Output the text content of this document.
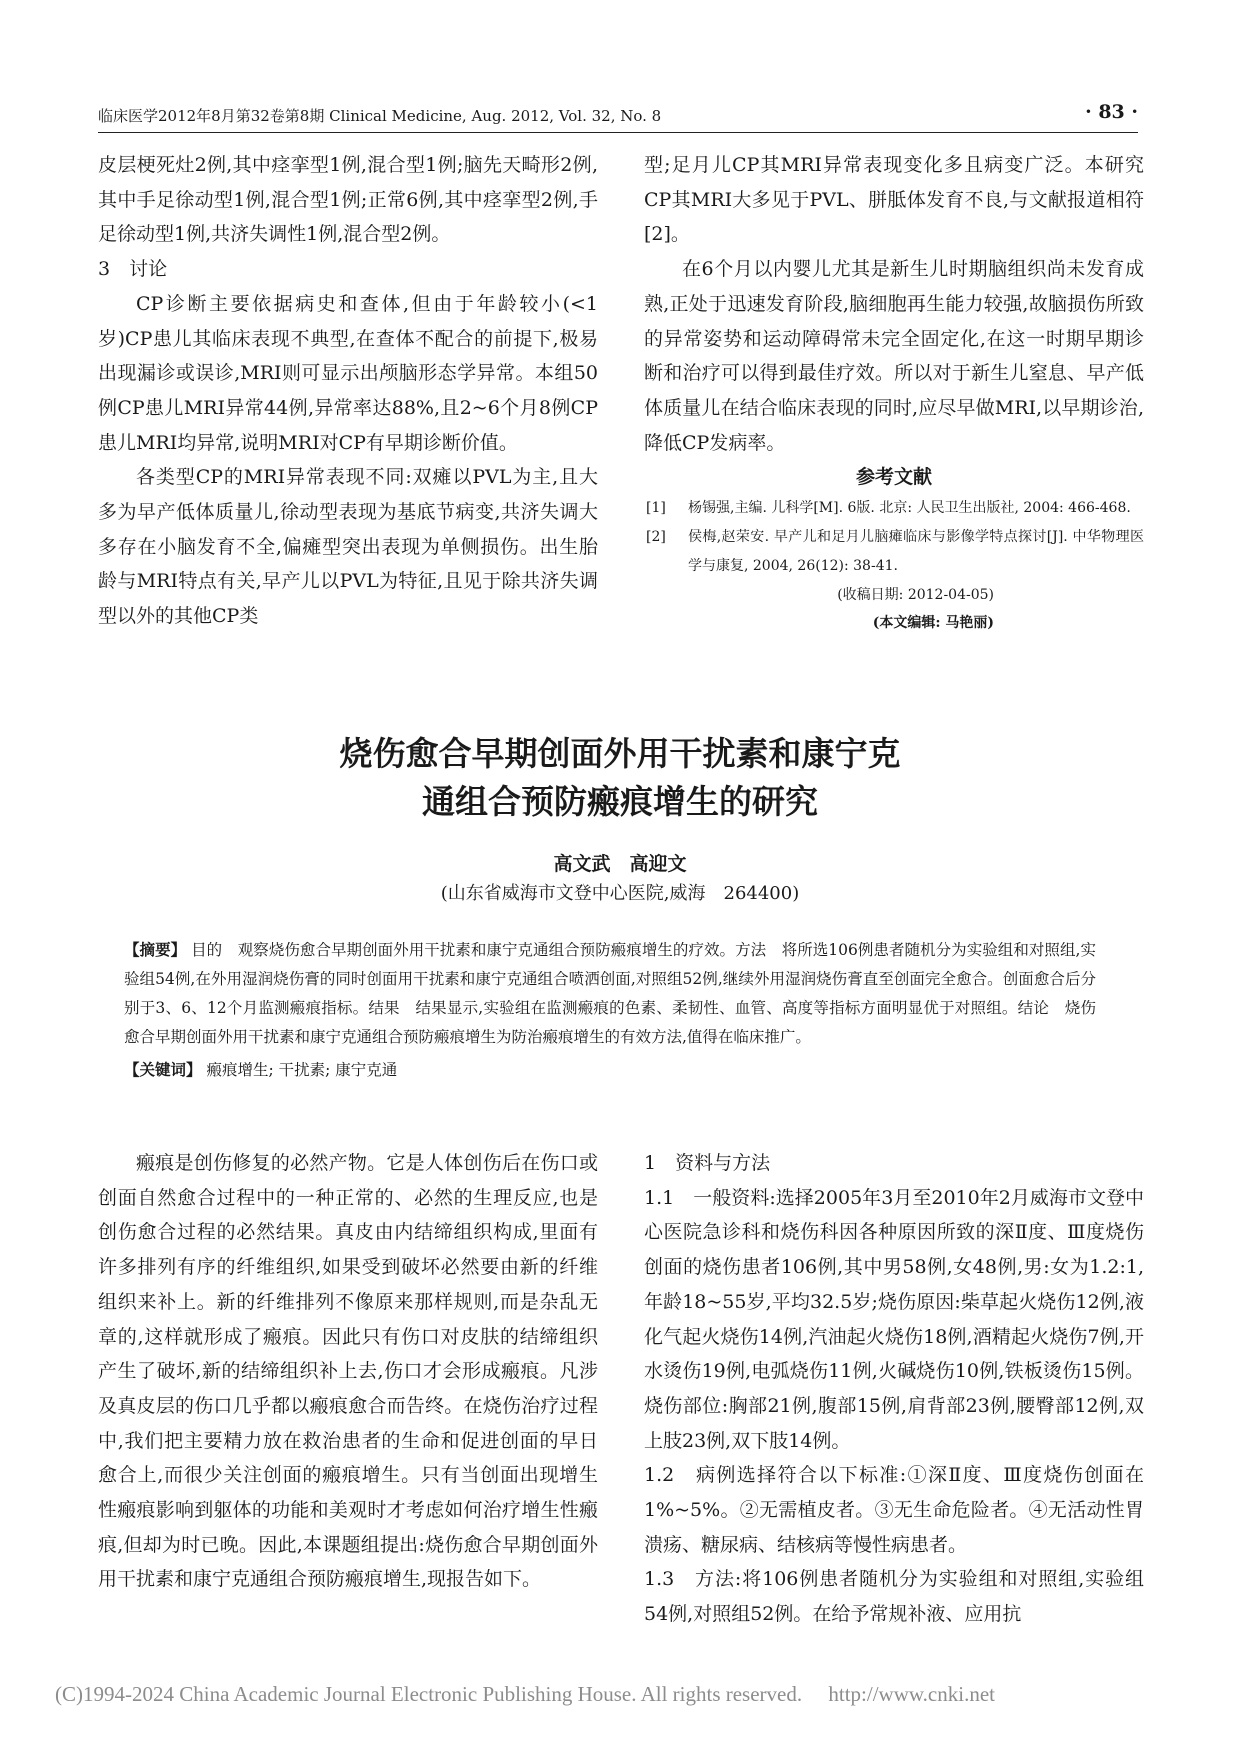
临床医学2012年8月第32卷第8期 Clinical Medicine, Aug. 2012, Vol. 32, No. 8	· 83 ·

皮层梗死灶2例,其中痉挛型1例,混合型1例;脑先天畸形2例,其中手足徐动型1例,混合型1例;正常6例,其中痉挛型2例,手足徐动型1例,共济失调性1例,混合型2例。

3　讨论

CP诊断主要依据病史和查体,但由于年龄较小(<1岁)CP患儿其临床表现不典型,在查体不配合的前提下,极易出现漏诊或误诊,MRI则可显示出颅脑形态学异常。本组50例CP患儿MRI异常44例,异常率达88%,且2~6个月8例CP患儿MRI均异常,说明MRI对CP有早期诊断价值。

各类型CP的MRI异常表现不同:双瘫以PVL为主,且大多为早产低体质量儿,徐动型表现为基底节病变,共济失调大多存在小脑发育不全,偏瘫型突出表现为单侧损伤。出生胎龄与MRI特点有关,早产儿以PVL为特征,且见于除共济失调型以外的其他CP类

型;足月儿CP其MRI异常表现变化多且病变广泛。本研究CP其MRI大多见于PVL、胼胝体发育不良,与文献报道相符[2]。

在6个月以内婴儿尤其是新生儿时期脑组织尚未发育成熟,正处于迅速发育阶段,脑细胞再生能力较强,故脑损伤所致的异常姿势和运动障碍常未完全固定化,在这一时期早期诊断和治疗可以得到最佳疗效。所以对于新生儿窒息、早产低体质量儿在结合临床表现的同时,应尽早做MRI,以早期诊治,降低CP发病率。

参考文献
[1]	杨锡强,主编. 儿科学[M]. 6版. 北京: 人民卫生出版社, 2004: 466-468.
[2]	侯梅,赵荣安. 早产儿和足月儿脑瘫临床与影像学特点探讨[J]. 中华物理医学与康复, 2004, 26(12): 38-41.
(收稿日期: 2012-04-05)
(本文编辑: 马艳丽)
烧伤愈合早期创面外用干扰素和康宁克
通组合预防瘢痕增生的研究
高文武　高迎文
(山东省威海市文登中心医院,威海　264400)
【摘要】 目的　观察烧伤愈合早期创面外用干扰素和康宁克通组合预防瘢痕增生的疗效。方法　将所选106例患者随机分为实验组和对照组,实验组54例,在外用湿润烧伤膏的同时创面用干扰素和康宁克通组合喷洒创面,对照组52例,继续外用湿润烧伤膏直至创面完全愈合。创面愈合后分别于3、6、12个月监测瘢痕指标。结果　结果显示,实验组在监测瘢痕的色素、柔韧性、血管、高度等指标方面明显优于对照组。结论　烧伤愈合早期创面外用干扰素和康宁克通组合预防瘢痕增生为防治瘢痕增生的有效方法,值得在临床推广。
【关键词】 瘢痕增生; 干扰素; 康宁克通

瘢痕是创伤修复的必然产物。它是人体创伤后在伤口或创面自然愈合过程中的一种正常的、必然的生理反应,也是创伤愈合过程的必然结果。真皮由内结缔组织构成,里面有许多排列有序的纤维组织,如果受到破坏必然要由新的纤维组织来补上。新的纤维排列不像原来那样规则,而是杂乱无章的,这样就形成了瘢痕。因此只有伤口对皮肤的结缔组织产生了破坏,新的结缔组织补上去,伤口才会形成瘢痕。凡涉及真皮层的伤口几乎都以瘢痕愈合而告终。在烧伤治疗过程中,我们把主要精力放在救治患者的生命和促进创面的早日愈合上,而很少关注创面的瘢痕增生。只有当创面出现增生性瘢痕影响到躯体的功能和美观时才考虑如何治疗增生性瘢痕,但却为时已晚。因此,本课题组提出:烧伤愈合早期创面外用干扰素和康宁克通组合预防瘢痕增生,现报告如下。

1　资料与方法

1.1　一般资料:选择2005年3月至2010年2月威海市文登中心医院急诊科和烧伤科因各种原因所致的深Ⅱ度、Ⅲ度烧伤创面的烧伤患者106例,其中男58例,女48例,男:女为1.2:1,年龄18~55岁,平均32.5岁;烧伤原因:柴草起火烧伤12例,液化气起火烧伤14例,汽油起火烧伤18例,酒精起火烧伤7例,开水烫伤19例,电弧烧伤11例,火碱烧伤10例,铁板烫伤15例。烧伤部位:胸部21例,腹部15例,肩背部23例,腰臀部12例,双上肢23例,双下肢14例。

1.2　病例选择符合以下标准:①深Ⅱ度、Ⅲ度烧伤创面在1%~5%。②无需植皮者。③无生命危险者。④无活动性胃溃疡、糖尿病、结核病等慢性病患者。

1.3　方法:将106例患者随机分为实验组和对照组,实验组54例,对照组52例。在给予常规补液、应用抗

(C)1994-2024 China Academic Journal Electronic Publishing House. All rights reserved.　 http://www.cnki.net
